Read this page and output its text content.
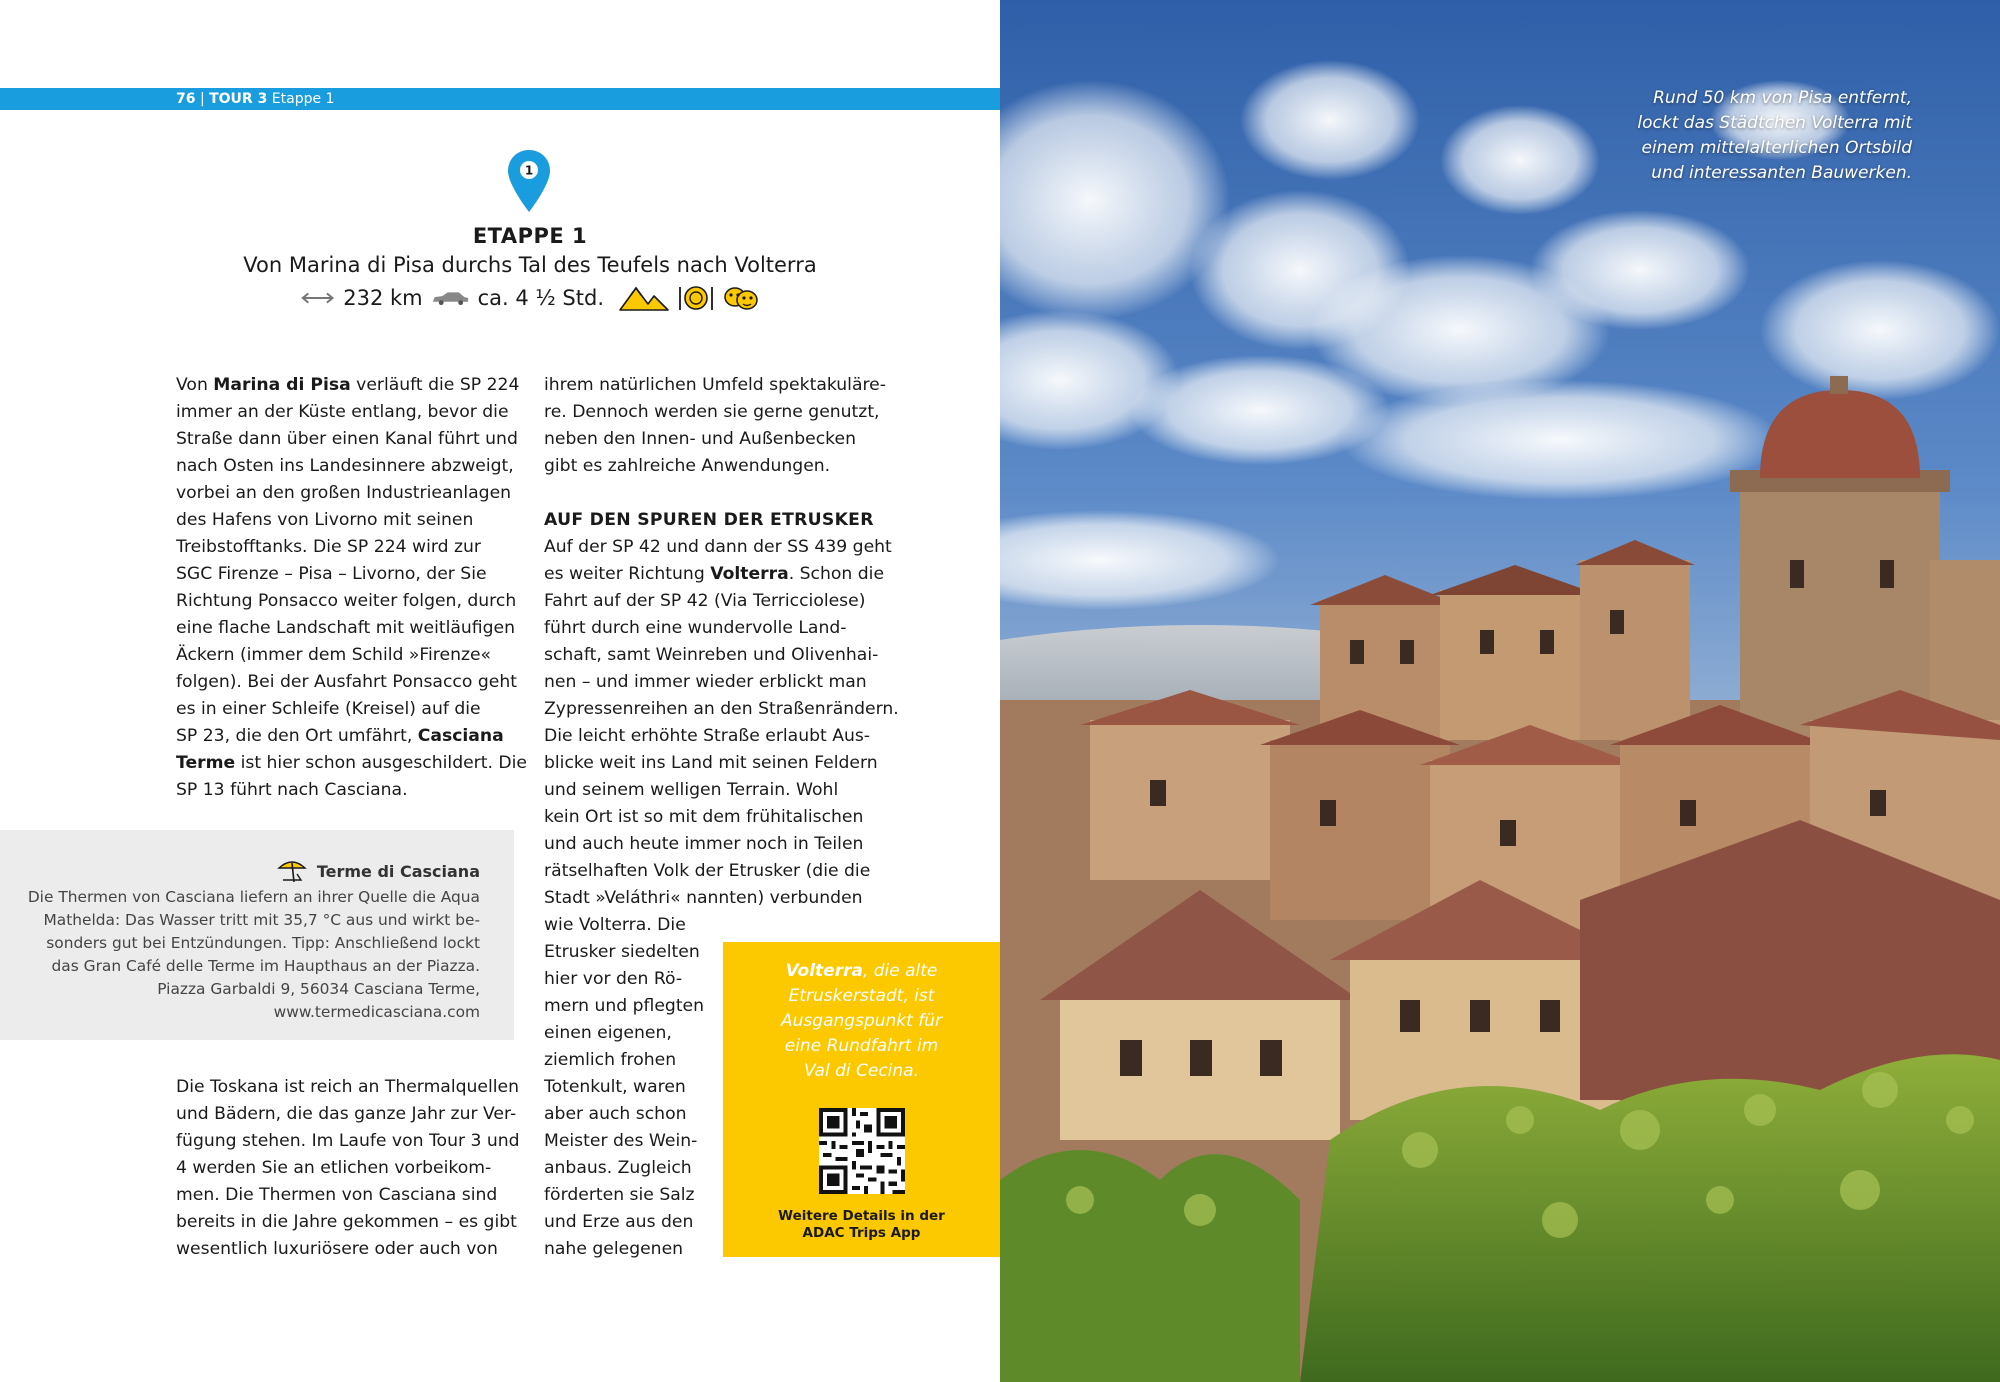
76 | TOUR 3 Etappe 1
1
ETAPPE 1
Von Marina di Pisa durchs Tal des Teufels nach Volterra
232 km	ca. 4 ½ Std.

Von Marina di Pisa verläuft die SP 224

immer an der Küste entlang, bevor die

Straße dann über einen Kanal führt und

nach Osten ins Landesinnere abzweigt,

vorbei an den großen Industrieanlagen

des Hafens von Livorno mit seinen

Treibstofftanks. Die SP 224 wird zur

SGC Firenze – Pisa – Livorno, der Sie

Richtung Ponsacco weiter folgen, durch

eine flache Landschaft mit weitläufigen

Äckern (immer dem Schild »Firenze«

folgen). Bei der Ausfahrt Ponsacco geht

es in einer Schleife (Kreisel) auf die

SP 23, die den Ort umfährt, Casciana

Terme ist hier schon ausgeschildert. Die

SP 13 führt nach Casciana.

Terme di Casciana

Die Thermen von Casciana liefern an ihrer Quelle die Aqua

Mathelda: Das Wasser tritt mit 35,7 °C aus und wirkt be-

sonders gut bei Entzündungen. Tipp: Anschließend lockt

das Gran Café delle Terme im Haupthaus an der Piazza.

Piazza Garbaldi 9, 56034 Casciana Terme,

www.termedicasciana.com

Die Toskana ist reich an Thermalquellen

und Bädern, die das ganze Jahr zur Ver-

fügung stehen. Im Laufe von Tour 3 und

4 werden Sie an etlichen vorbeikom-

men. Die Thermen von Casciana sind

bereits in die Jahre gekommen – es gibt

wesentlich luxuriösere oder auch von

ihrem natürlichen Umfeld spektakuläre-

re. Dennoch werden sie gerne genutzt,

neben den Innen- und Außenbecken

gibt es zahlreiche Anwendungen.

AUF DEN SPUREN DER ETRUSKER

Auf der SP 42 und dann der SS 439 geht

es weiter Richtung Volterra. Schon die

Fahrt auf der SP 42 (Via Terricciolese)

führt durch eine wundervolle Land-

schaft, samt Weinreben und Olivenhai-

nen – und immer wieder erblickt man

Zypressenreihen an den Straßenrändern.

Die leicht erhöhte Straße erlaubt Aus-

blicke weit ins Land mit seinen Feldern

und seinem welligen Terrain. Wohl

kein Ort ist so mit dem frühitalischen

und auch heute immer noch in Teilen

rätselhaften Volk der Etrusker (die die

Stadt »Veláthri« nannten) verbunden

wie Volterra. Die

Etrusker siedelten

hier vor den Rö-

mern und pflegten

einen eigenen,

ziemlich frohen

Totenkult, waren

aber auch schon

Meister des Wein-

anbaus. Zugleich

förderten sie Salz

und Erze aus den

nahe gelegenen

Volterra, die alte

Etruskerstadt, ist

Ausgangspunkt für

eine Rundfahrt im

Val di Cecina.

Weitere Details in der

ADAC Trips App

Rund 50 km von Pisa entfernt,

lockt das Städtchen Volterra mit

einem mittelalterlichen Ortsbild

und interessanten Bauwerken.
